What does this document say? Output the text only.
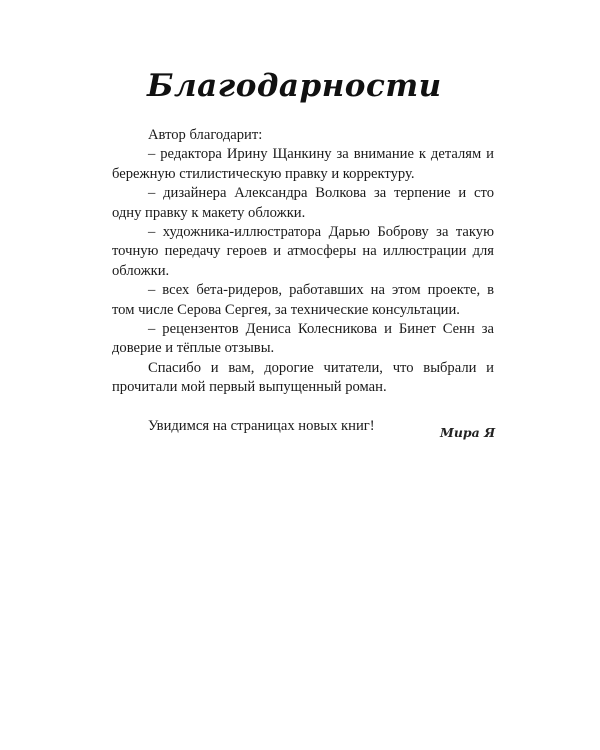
Благодарности

Автор благодарит:

– редактора Ирину Щанкину за внимание к деталям и бережную стилистическую правку и корректуру.

– дизайнера Александра Волкова за терпение и сто одну правку к макету обложки.

– художника-иллюстратора Дарью Боброву за такую точную передачу героев и атмосферы на иллюстрации для обложки.

– всех бета-ридеров, работавших на этом проекте, в том числе Серова Сергея, за технические консультации.

– рецензентов Дениса Колесникова и Бинет Сенн за доверие и тёплые отзывы.

Спасибо и вам, дорогие читатели, что выбрали и прочитали мой первый выпущенный роман.

Увидимся на страницах новых книг!	Мира Я
